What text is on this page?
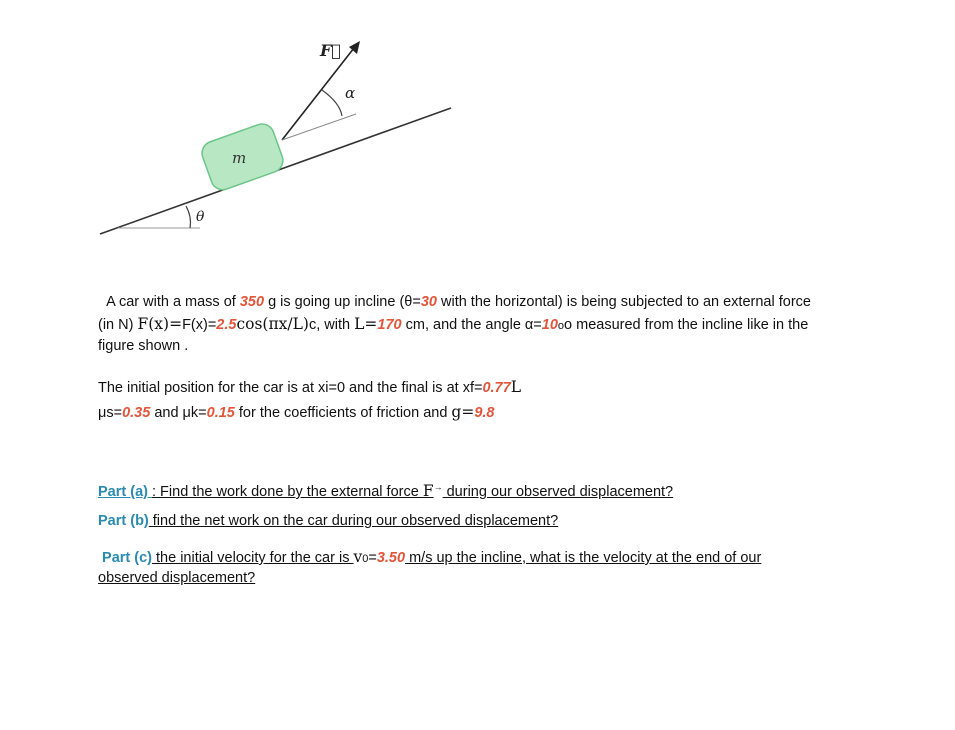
θ
m
α
F⃗

A car with a mass of 350 g is going up incline (θ=30 with the horizontal) is being subjected to an external force

(in N) F(x)=F(x)=2.5cos(πx/L)c, with L=170 cm, and the angle α=10oo measured from the incline like in the

figure shown .

The initial position for the car is at xi=0 and the final is at xf=0.77L

μs=0.35 and μk=0.15 for the coefficients of friction and g=9.8

Part (a) : Find the work done by the external force F→ during our observed displacement?

Part (b) find the net work on the car during our observed displacement?

Part (c) the initial velocity for the car is v0=3.50 m/s up the incline, what is the velocity at the end of our

observed displacement?
